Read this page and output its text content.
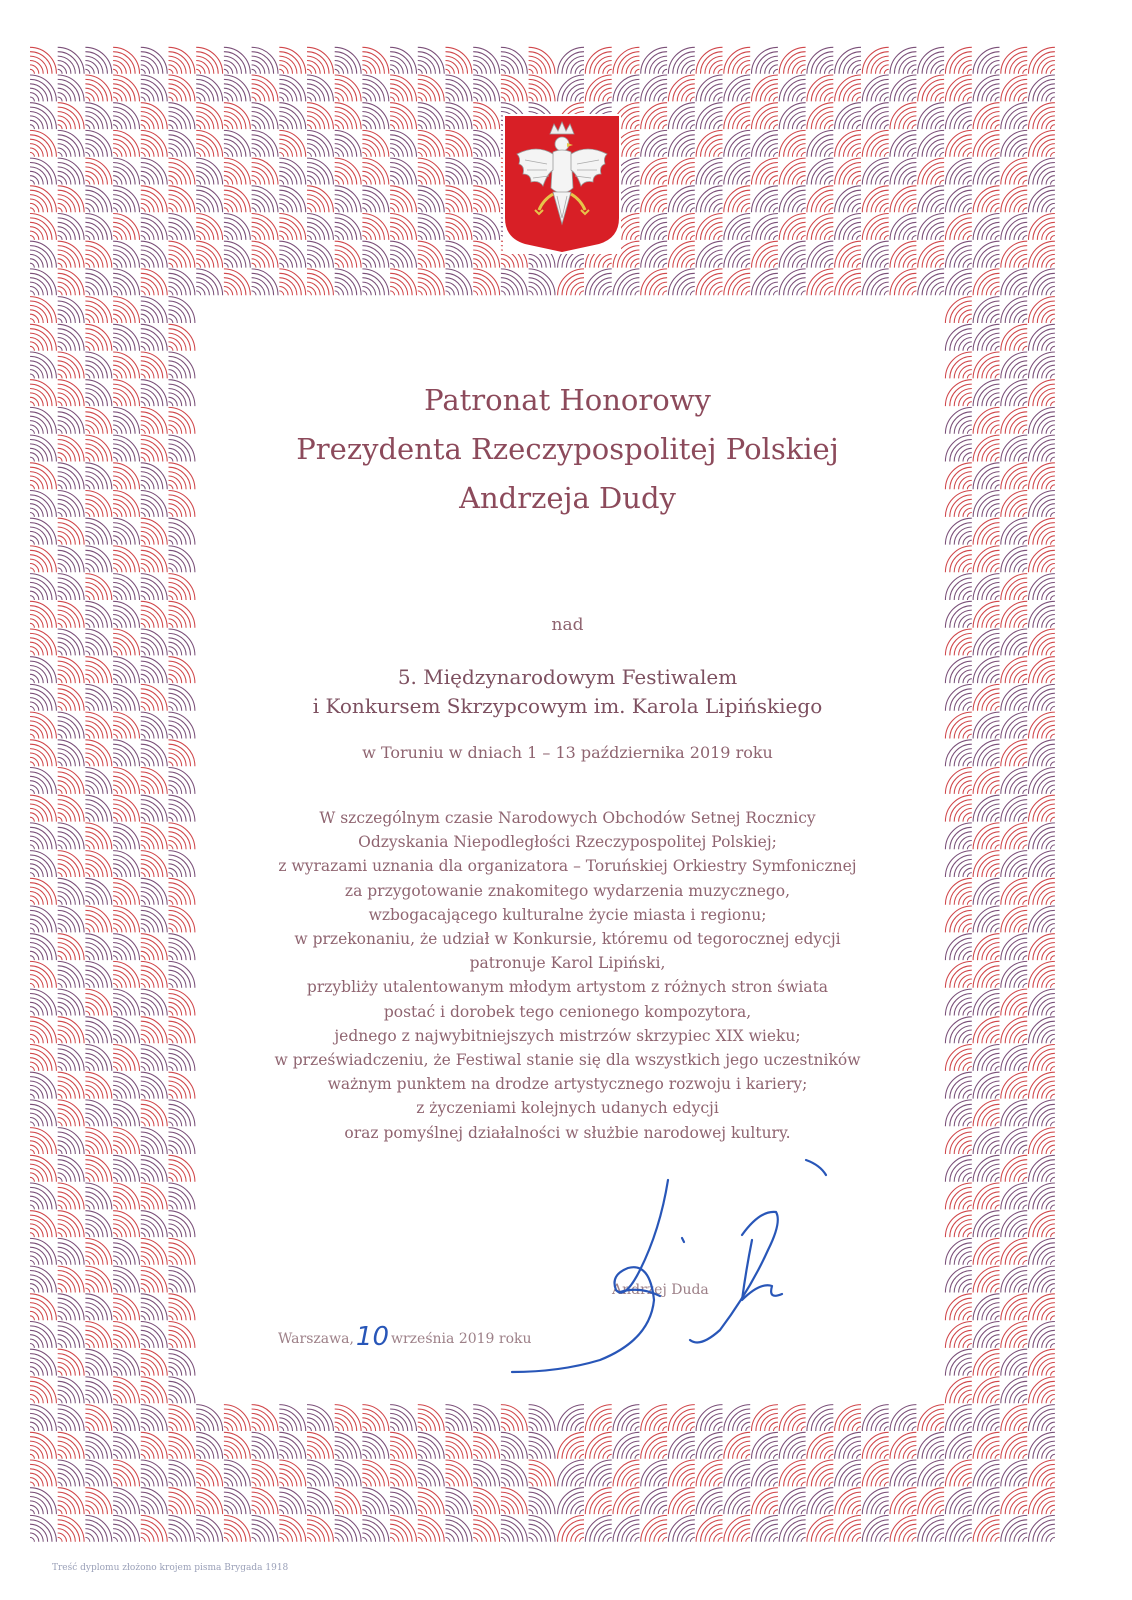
Patronat Honorowy
Prezydenta Rzeczypospolitej Polskiej
Andrzeja Dudy
nad
5. Międzynarodowym Festiwalem
i Konkursem Skrzypcowym im. Karola Lipińskiego
w Toruniu w dniach 1 – 13 października 2019 roku
W szczególnym czasie Narodowych Obchodów Setnej Rocznicy
Odzyskania Niepodległości Rzeczypospolitej Polskiej;
z wyrazami uznania dla organizatora – Toruńskiej Orkiestry Symfonicznej
za przygotowanie znakomitego wydarzenia muzycznego,
wzbogacającego kulturalne życie miasta i regionu;
w przekonaniu, że udział w Konkursie, któremu od tegorocznej edycji
patronuje Karol Lipiński,
przybliży utalentowanym młodym artystom z różnych stron świata
postać i dorobek tego cenionego kompozytora,
jednego z najwybitniejszych mistrzów skrzypiec XIX wieku;
w przeświadczeniu, że Festiwal stanie się dla wszystkich jego uczestników
ważnym punktem na drodze artystycznego rozwoju i kariery;
z życzeniami kolejnych udanych edycji
oraz pomyślnej działalności w służbie narodowej kultury.
Warszawa,10 września 2019 roku
Andrzej Duda
Treść dyplomu złożono krojem pisma Brygada 1918
